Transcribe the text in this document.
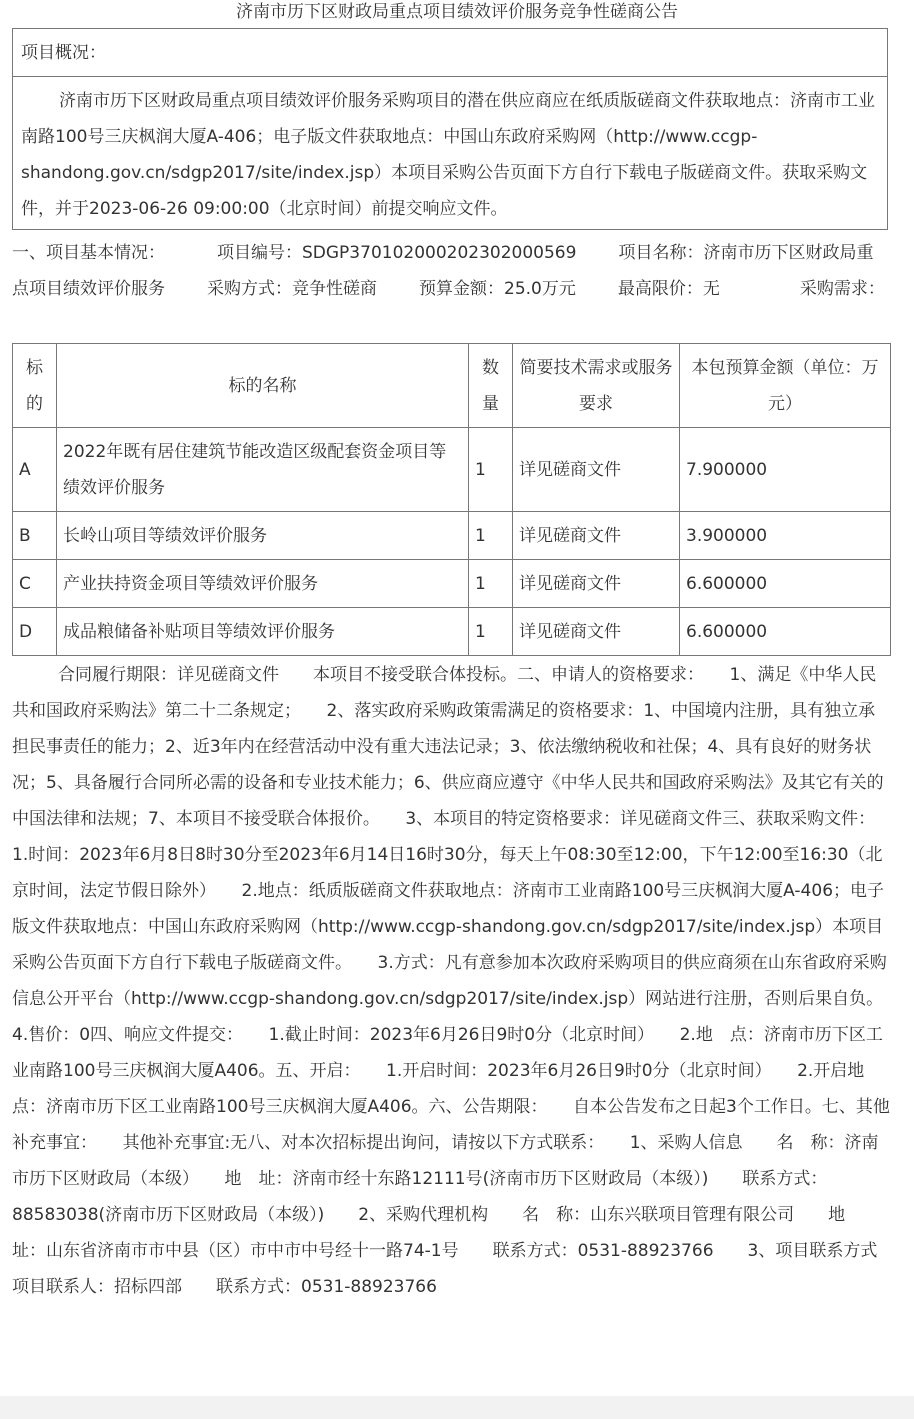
济南市历下区财政局重点项目绩效评价服务竞争性磋商公告
项目概况：
济南市历下区财政局重点项目绩效评价服务采购项目的潜在供应商应在纸质版磋商文件获取地点：济南市工业南路100号三庆枫润大厦A-406；电子版文件获取地点：中国山东政府采购网（http://www.ccgp-shandong.gov.cn/sdgp2017/site/index.jsp）本项目采购公告页面下方自行下载电子版磋商文件。获取采购文件，并于2023-06-26 09:00:00（北京时间）前提交响应文件。
一、项目基本情况：	项目编号：SDGP370102000202302000569 项目名称：济南市历下区财政局重点项目绩效评价服务 采购方式：竞争性磋商 预算金额：25.0万元 最高限价：无	采购需求：
标的	标的名称	数量	简要技术需求或服务要求	本包预算金额（单位：万元）
A	2022年既有居住建筑节能改造区级配套资金项目等绩效评价服务	1	详见磋商文件	7.900000
B	长岭山项目等绩效评价服务	1	详见磋商文件	3.900000
C	产业扶持资金项目等绩效评价服务	1	详见磋商文件	6.600000
D	成品粮储备补贴项目等绩效评价服务	1	详见磋商文件	6.600000
合同履行期限：详见磋商文件　　本项目不接受联合体投标。二、申请人的资格要求：　　1、满足《中华人民共和国政府采购法》第二十二条规定；　　2、落实政府采购政策需满足的资格要求：1、中国境内注册，具有独立承担民事责任的能力；2、近3年内在经营活动中没有重大违法记录；3、依法缴纳税收和社保；4、具有良好的财务状况；5、具备履行合同所必需的设备和专业技术能力；6、供应商应遵守《中华人民共和国政府采购法》及其它有关的中国法律和法规；7、本项目不接受联合体报价。　　3、本项目的特定资格要求：详见磋商文件三、获取采购文件：　　1.时间：2023年6月8日8时30分至2023年6月14日16时30分，每天上午08:30至12:00，下午12:00至16:30（北京时间，法定节假日除外）　　2.地点：纸质版磋商文件获取地点：济南市工业南路100号三庆枫润大厦A-406；电子版文件获取地点：中国山东政府采购网（http://www.ccgp-shandong.gov.cn/sdgp2017/site/index.jsp）本项目采购公告页面下方自行下载电子版磋商文件。　　3.方式：凡有意参加本次政府采购项目的供应商须在山东省政府采购信息公开平台（http://www.ccgp-shandong.gov.cn/sdgp2017/site/index.jsp）网站进行注册，否则后果自负。　　4.售价：0四、响应文件提交：　　1.截止时间：2023年6月26日9时0分（北京时间）　　2.地　点：济南市历下区工业南路100号三庆枫润大厦A406。五、开启：　　1.开启时间：2023年6月26日9时0分（北京时间）　　2.开启地点：济南市历下区工业南路100号三庆枫润大厦A406。六、公告期限：　　自本公告发布之日起3个工作日。七、其他补充事宜：　　其他补充事宜:无八、对本次招标提出询问，请按以下方式联系：　　1、采购人信息　　名　称：济南市历下区财政局（本级）　　地　址：济南市经十东路12111号(济南市历下区财政局（本级）)　　联系方式：88583038(济南市历下区财政局（本级）)　　2、采购代理机构　　名　称：山东兴联项目管理有限公司　　地　址：山东省济南市市中县（区）市中市中号经十一路74-1号　　联系方式：0531-88923766　　3、项目联系方式　　项目联系人：招标四部　　联系方式：0531-88923766
